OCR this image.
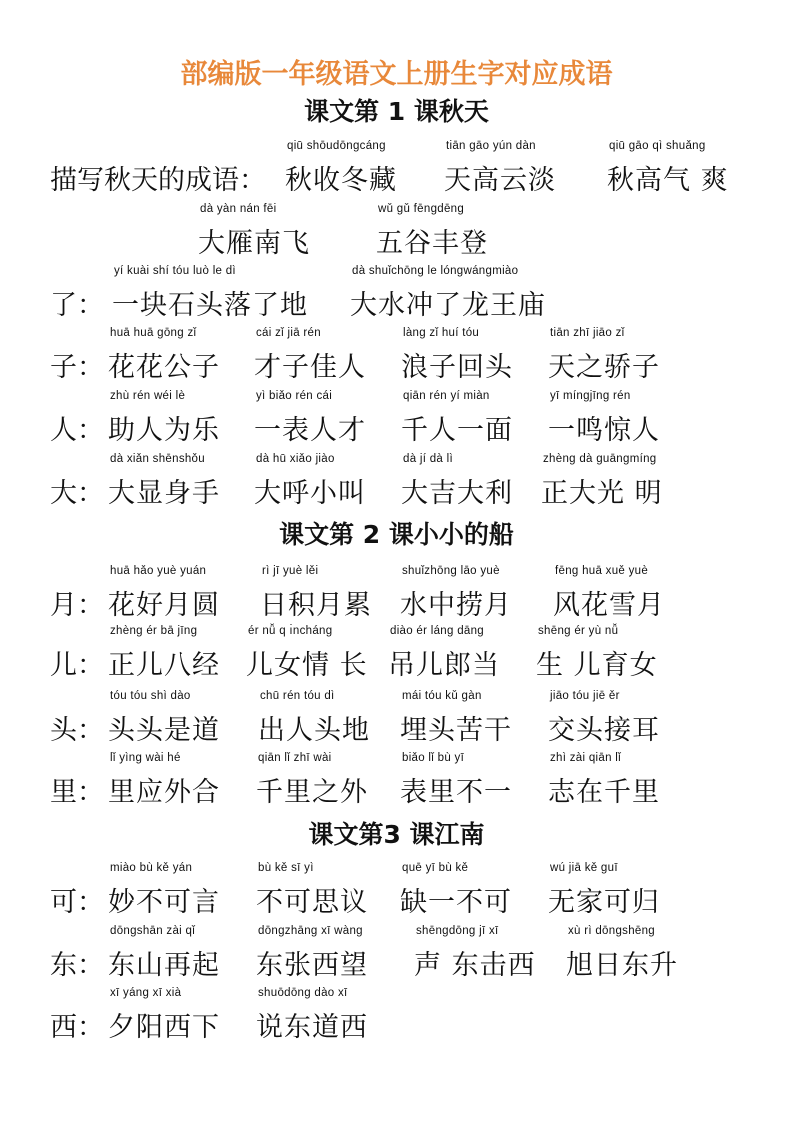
部编版一年级语文上册生字对应成语
课文第 1 课秋天
描写秋天的成语：
qiū shōudōngcáng
秋收冬藏
tiān gāo yún dàn
天高云淡
qiū gāo qì shuǎng
秋高气 爽
dà yàn nán fēi
大雁南飞
wǔ gǔ fēngdēng
五谷丰登
了：
yí kuài shí tóu luò le dì
一块石头落了地
dà shuǐchōng le lóngwángmiào
大水冲了龙王庙
子：
huā huā gōng zǐ
花花公子
cái zǐ jiā rén
才子佳人
làng zǐ huí tóu
浪子回头
tiān zhī jiāo zǐ
天之骄子
人：
zhù rén wéi lè
助人为乐
yì biǎo rén cái
一表人才
qiān rén yí miàn
千人一面
yī míngjīng rén
一鸣惊人
大：
dà xiǎn shēnshǒu
大显身手
dà hū xiǎo jiào
大呼小叫
dà jí dà lì
大吉大利
zhèng dà guāngmíng
正大光 明
课文第 2 课小小的船
月：
huā hǎo yuè yuán
花好月圆
rì jī yuè lěi
日积月累
shuǐzhōng lāo yuè
水中捞月
fēng huā xuě yuè
风花雪月
儿：
zhèng ér bā jīng
正儿八经
ér nǚ q ı̇ncháng
儿女情 长
diào ér láng dāng
吊儿郎当
shēng ér yù nǚ
生 儿育女
头：
tóu tóu shì dào
头头是道
chū rén tóu dì
出人头地
mái tóu kǔ gàn
埋头苦干
jiāo tóu jiē ěr
交头接耳
里：
lǐ yìng wài hé
里应外合
qiān lǐ zhī wài
千里之外
biǎo lǐ bù yī
表里不一
zhì zài qiān lǐ
志在千里
课文第3 课江南
可：
miào bù kě yán
妙不可言
bù kě sī yì
不可思议
quē yī bù kě
缺一不可
wú jiā kě guī
无家可归
东：
dōngshān zài qǐ
东山再起
dōngzhāng xī wàng
东张西望
shēngdōng jī xī
声 东击西
xù rì dōngshēng
旭日东升
西：
xī yáng xī xià
夕阳西下
shuōdōng dào xī
说东道西
